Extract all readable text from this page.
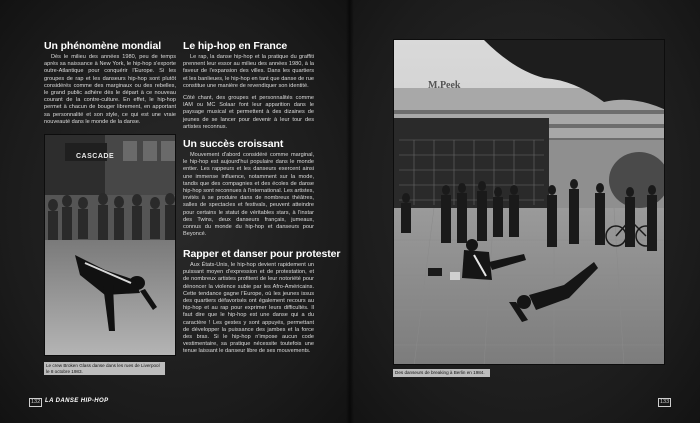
Un phénomène mondial
Dès le milieu des années 1980, peu de temps après sa naissance à New York, le hip-hop s'exporte outre-Atlantique pour conquérir l'Europe. Si les groupes de rap et les danseurs hip-hop sont plutôt considérés comme des marginaux ou des rebelles, le grand public adhère dès le départ à ce nouveau courant de la contre-culture. En effet, le hip-hop permet à chacun de bouger librement, en apportant sa personnalité et son style, ce qui est une vraie nouveauté dans le monde de la danse.
Le hip-hop en France
Le rap, la danse hip-hop et la pratique du graffiti prennent leur essor au milieu des années 1980, à la faveur de l'expansion des villes. Dans les quartiers et les banlieues, le hip-hop en tant que danse de rue constitue une manière de revendiquer son identité.
Côté chant, des groupes et personnalités comme IAM ou MC Solaar font leur apparition dans le paysage musical et permettent à des dizaines de jeunes de se lancer pour devenir à leur tour des artistes reconnus.
Un succès croissant
Mouvement d'abord considéré comme marginal, le hip-hop est aujourd'hui populaire dans le monde entier. Les rappeurs et les danseurs exercent ainsi une immense influence, notamment sur la mode, tandis que des compagnies et des écoles de danse hip-hop sont reconnues à l'international. Les artistes, invités à se produire dans de nombreux théâtres, salles de spectacles et festivals, peuvent atteindre pour certains le statut de véritables stars, à l'instar des Twins, deux danseurs français, jumeaux, connus du monde du hip-hop et danseurs pour Beyoncé.
Rapper et danser pour protester
Aux États-Unis, le hip-hop devient rapidement un puissant moyen d'expression et de protestation, et de nombreux artistes profitent de leur notoriété pour dénoncer la violence subie par les Afro-Américains. Cette tendance gagne l'Europe, où les jeunes issus des quartiers défavorisés ont également recours au hip-hop et au rap pour exprimer leurs difficultés. Il faut dire que le hip-hop est une danse qui a du caractère ! Les gestes y sont appuyés, permettant de développer la puissance des jambes et la force des bras. Si le hip-hop n'impose aucun code vestimentaire, sa pratique nécessite toutefois une tenue laissant le danseur libre de ses mouvements.
CASCADE
Le crew Broken Glass danse dans les rues de Liverpool le 8 octobre 1983.
M.Peek
Des danseurs de breaking à Berlin en 1984.
132 LA DANSE HIP-HOP	133
